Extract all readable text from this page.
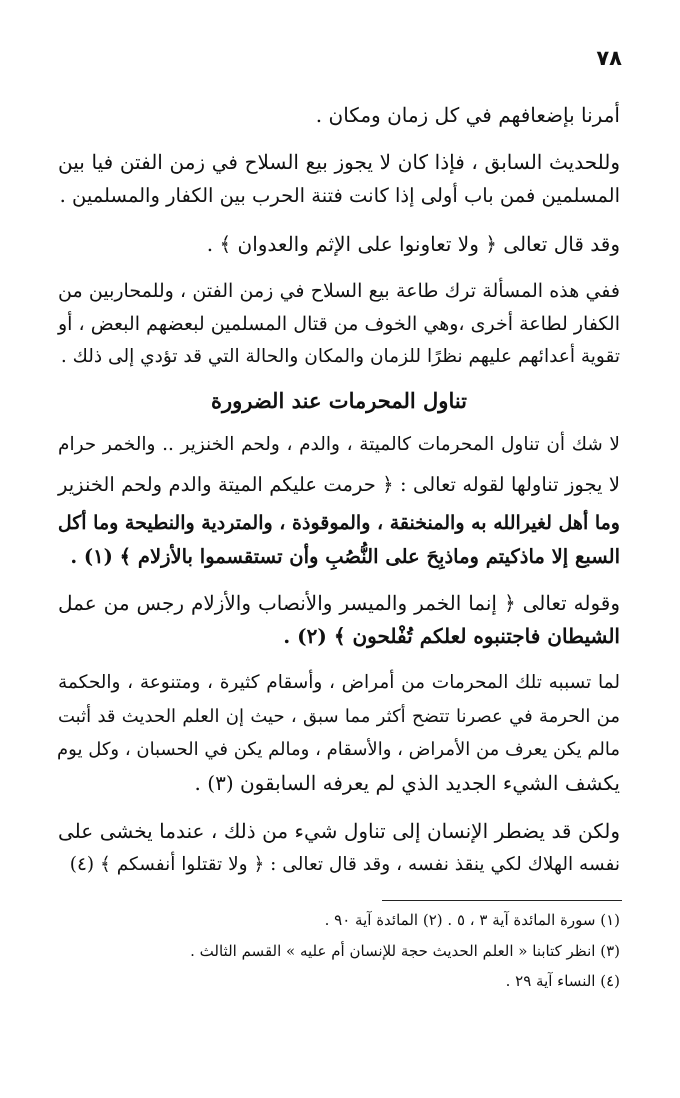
٧٨
أمرنا بإضعافهم في كل زمان ومكان .
وللحديث السابق ، فإذا كان لا يجوز بيع السلاح في زمن الفتن فيا بين
المسلمين فمن باب أولى إذا كانت فتنة الحرب بين الكفار والمسلمين .
وقد قال تعالى ﴿ ولا تعاونوا على الإثم والعدوان ﴾ .
ففي هذه المسألة ترك طاعة بيع السلاح في زمن الفتن ، وللمحاربين من
الكفار لطاعة أخرى ،وهي الخوف من قتال المسلمين لبعضهم البعض ، أو
تقوية أعدائهم عليهم نظرًا للزمان والمكان والحالة التي قد تؤدي إلى ذلك .
تناول المحرمات عند الضرورة
لا شك أن تناول المحرمات كالميتة ، والدم ، ولحم الخنزير .. والخمر حرام
لا يجوز تناولها لقوله تعالى : ﴿ حرمت عليكم الميتة والدم ولحم الخنزير
وما أهل لغيرالله به والمنخنقة ، والموقوذة ، والمتردية والنطيحة وما أكل
السبع إلا ماذكيتم وماذبِحَ على النُّصُبِ وأن تستقسموا بالأزلام ﴾ (١) .
وقوله تعالى ﴿ إنما الخمر والميسر والأنصاب والأزلام رجس من عمل
الشيطان فاجتنبوه لعلكم تُفْلحون ﴾ (٢) .
لما تسببه تلك المحرمات من أمراض ، وأسقام كثيرة ، ومتنوعة ، والحكمة
من الحرمة في عصرنا تتضح أكثر مما سبق ، حيث إن العلم الحديث قد أثبت
مالم يكن يعرف من الأمراض ، والأسقام ، ومالم يكن في الحسبان ، وكل يوم
يكشف الشيء الجديد الذي لم يعرفه السابقون (٣) .
ولكن قد يضطر الإنسان إلى تناول شيء من ذلك ، عندما يخشى على
نفسه الهلاك لكي ينقذ نفسه ، وقد قال تعالى : ﴿ ولا تقتلوا أنفسكم ﴾ (٤)
(١) سورة المائدة آية ٣ ، ٥ . (٢) المائدة آية ٩٠ .
(٣) انظر كتابنا « العلم الحديث حجة للإنسان أم عليه » القسم الثالث .
(٤) النساء آية ٢٩ .
